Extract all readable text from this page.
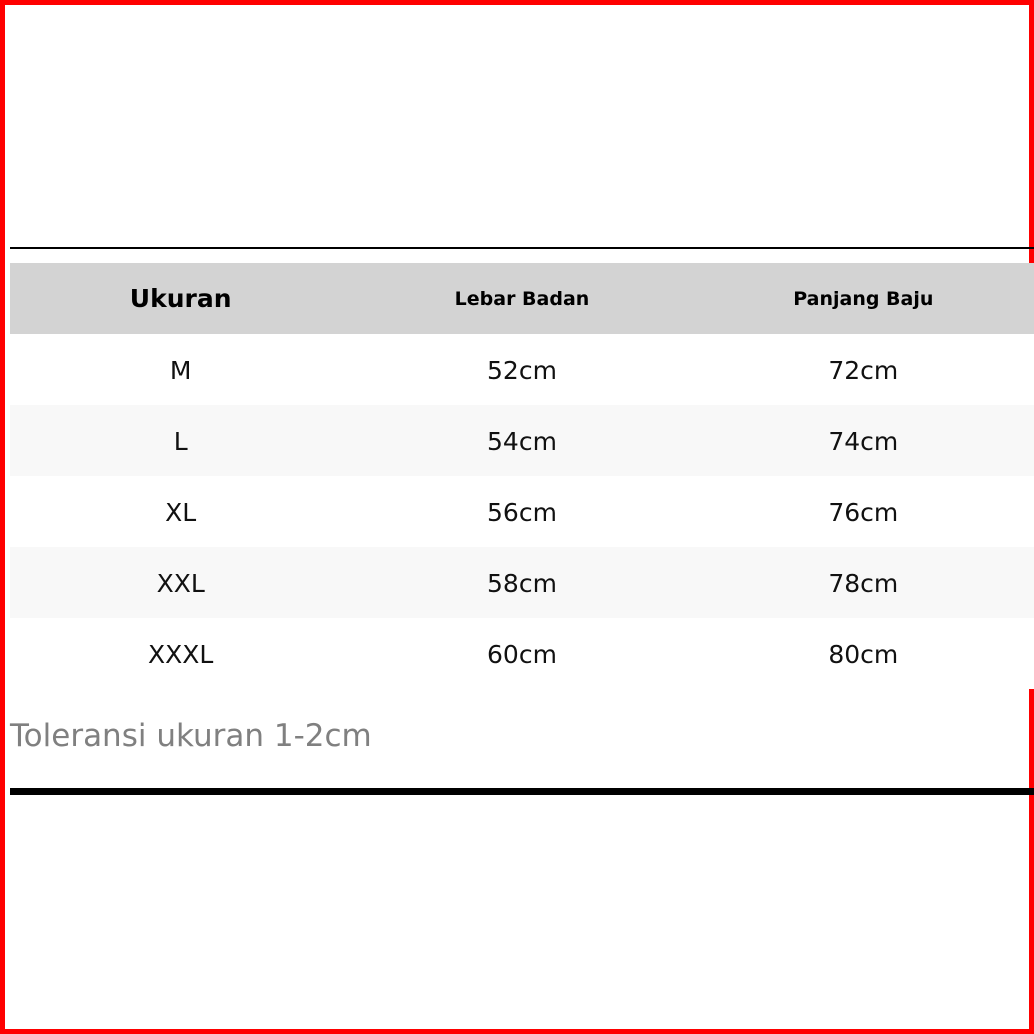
Ukuran	Lebar Badan	Panjang Baju
M	52cm	72cm
L	54cm	74cm
XL	56cm	76cm
XXL	58cm	78cm
XXXL	60cm	80cm
Toleransi ukuran 1-2cm
